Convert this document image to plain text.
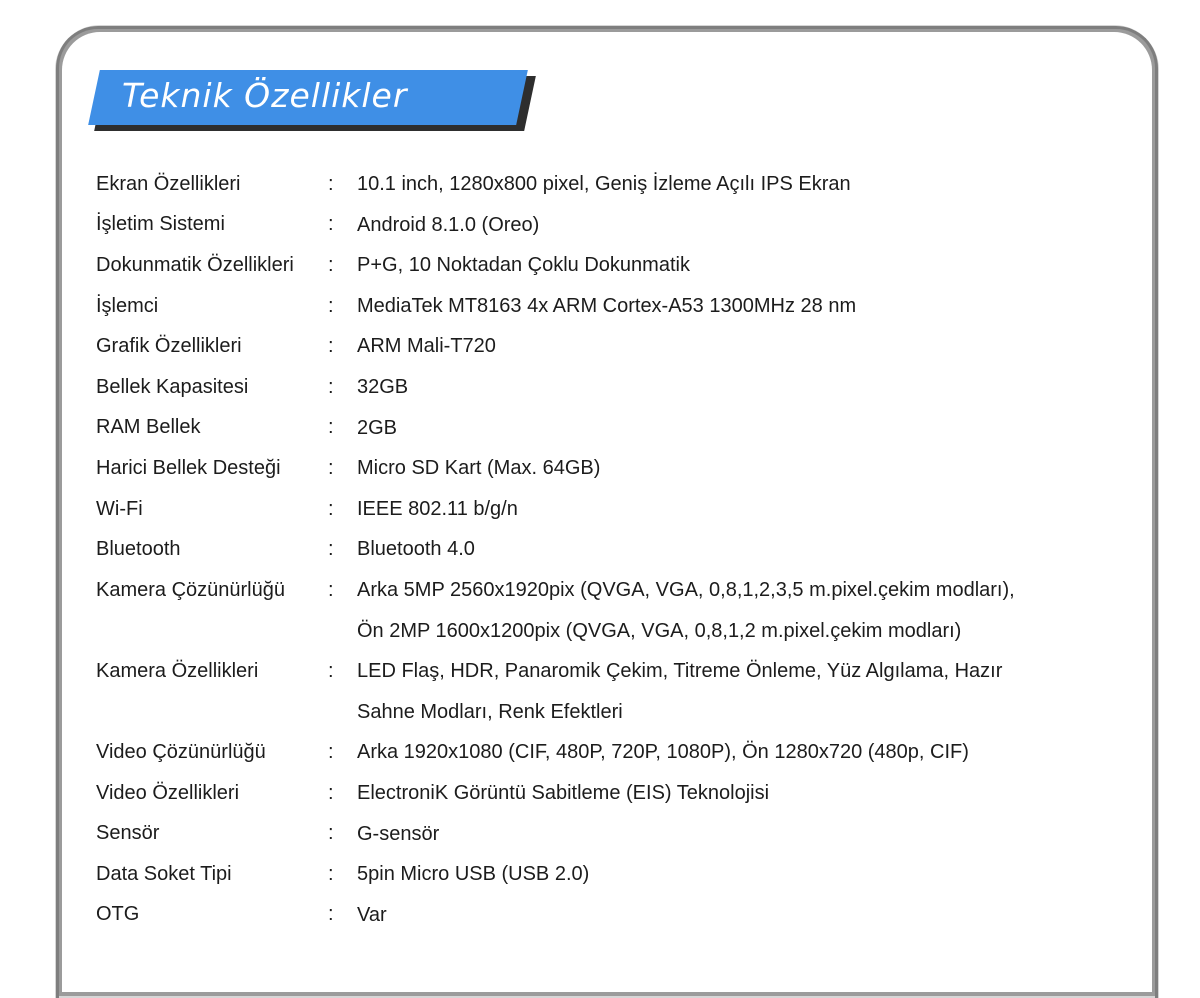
Teknik Özellikler
Ekran Özellikleri	:	10.1 inch, 1280x800 pixel, Geniş İzleme Açılı IPS Ekran

İşletim Sistemi	:	Android 8.1.0 (Oreo)

Dokunmatik Özellikleri	:	P+G, 10 Noktadan Çoklu Dokunmatik

İşlemci	:	MediaTek MT8163 4x ARM Cortex-A53 1300MHz 28 nm

Grafik Özellikleri	:	ARM Mali-T720

Bellek Kapasitesi	:	32GB

RAM Bellek	:	2GB

Harici Bellek Desteği	:	Micro SD Kart (Max. 64GB)

Wi-Fi	:	IEEE 802.11 b/g/n

Bluetooth	:	Bluetooth 4.0

Kamera Çözünürlüğü	:	Arka 5MP 2560x1920pix (QVGA, VGA, 0,8,1,2,3,5 m.pixel.çekim modları),
Ön 2MP 1600x1200pix (QVGA, VGA, 0,8,1,2 m.pixel.çekim modları)

Kamera Özellikleri	:	LED Flaş, HDR, Panaromik Çekim, Titreme Önleme, Yüz Algılama, Hazır
Sahne Modları, Renk Efektleri

Video Çözünürlüğü	:	Arka 1920x1080 (CIF, 480P, 720P, 1080P), Ön 1280x720 (480p, CIF)

Video Özellikleri	:	ElectroniK Görüntü Sabitleme (EIS) Teknolojisi

Sensör	:	G-sensör

Data Soket Tipi	:	5pin Micro USB (USB 2.0)

OTG	:	Var
